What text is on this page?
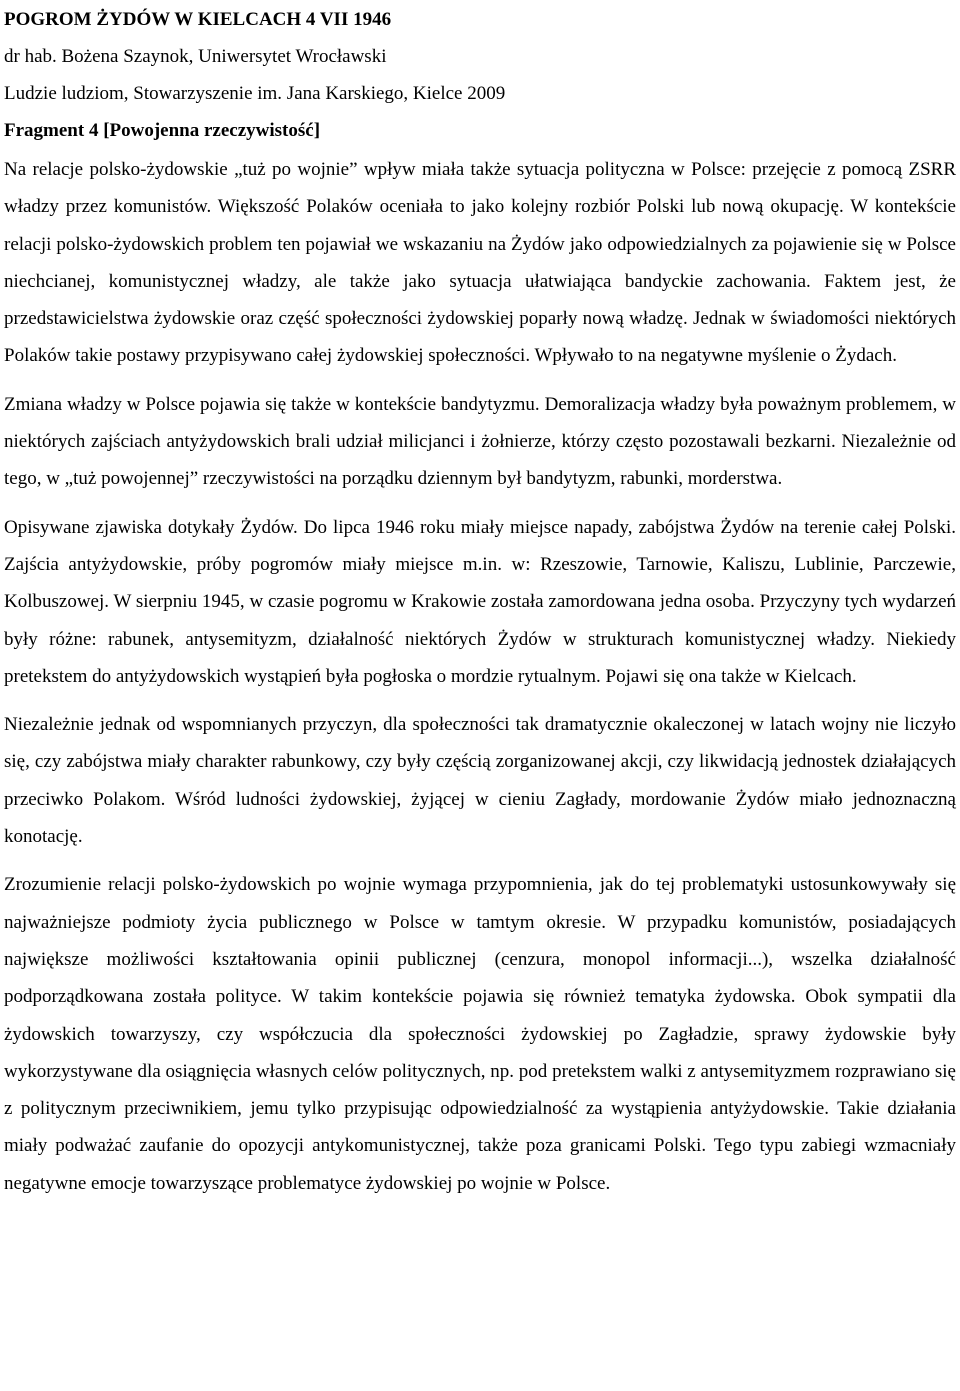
POGROM ŻYDÓW W KIELCACH 4 VII 1946

dr hab. Bożena Szaynok, Uniwersytet Wrocławski

Ludzie ludziom, Stowarzyszenie im. Jana Karskiego, Kielce 2009

Fragment 4 [Powojenna rzeczywistość]

Na relacje polsko-żydowskie „tuż po wojnie” wpływ miała także sytuacja polityczna w Polsce: przejęcie z pomocą ZSRR władzy przez komunistów. Większość Polaków oceniała to jako kolejny rozbiór Polski lub nową okupację. W kontekście relacji polsko-żydowskich problem ten pojawiał we wskazaniu na Żydów jako odpowiedzialnych za pojawienie się w Polsce niechcianej, komunistycznej władzy, ale także jako sytuacja ułatwiająca bandyckie zachowania. Faktem jest, że przedstawicielstwa żydowskie oraz część społeczności żydowskiej poparły nową władzę. Jednak w świadomości niektórych Polaków takie postawy przypisywano całej żydowskiej społeczności. Wpływało to na negatywne myślenie o Żydach.

Zmiana władzy w Polsce pojawia się także w kontekście bandytyzmu. Demoralizacja władzy była poważnym problemem, w niektórych zajściach antyżydowskich brali udział milicjanci i żołnierze, którzy często pozostawali bezkarni. Niezależnie od tego, w „tuż powojennej” rzeczywistości na porządku dziennym był bandytyzm, rabunki, morderstwa.

Opisywane zjawiska dotykały Żydów. Do lipca 1946 roku miały miejsce napady, zabójstwa Żydów na terenie całej Polski. Zajścia antyżydowskie, próby pogromów miały miejsce m.in. w: Rzeszowie, Tarnowie, Kaliszu, Lublinie, Parczewie, Kolbuszowej. W sierpniu 1945, w czasie pogromu w Krakowie została zamordowana jedna osoba. Przyczyny tych wydarzeń były różne: rabunek, antysemityzm, działalność niektórych Żydów w strukturach komunistycznej władzy. Niekiedy pretekstem do antyżydowskich wystąpień była pogłoska o mordzie rytualnym. Pojawi się ona także w Kielcach.

Niezależnie jednak od wspomnianych przyczyn, dla społeczności tak dramatycznie okaleczonej w latach wojny nie liczyło się, czy zabójstwa miały charakter rabunkowy, czy były częścią zorganizowanej akcji, czy likwidacją jednostek działających przeciwko Polakom. Wśród ludności żydowskiej, żyjącej w cieniu Zagłady, mordowanie Żydów miało jednoznaczną konotację.

Zrozumienie relacji polsko-żydowskich po wojnie wymaga przypomnienia, jak do tej problematyki ustosunkowywały się najważniejsze podmioty życia publicznego w Polsce w tamtym okresie. W przypadku komunistów, posiadających największe możliwości kształtowania opinii publicznej (cenzura, monopol informacji...), wszelka działalność podporządkowana została polityce. W takim kontekście pojawia się również tematyka żydowska. Obok sympatii dla żydowskich towarzyszy, czy współczucia dla społeczności żydowskiej po Zagładzie, sprawy żydowskie były wykorzystywane dla osiągnięcia własnych celów politycznych, np. pod pretekstem walki z antysemityzmem rozprawiano się z politycznym przeciwnikiem, jemu tylko przypisując odpowiedzialność za wystąpienia antyżydowskie. Takie działania miały podważać zaufanie do opozycji antykomunistycznej, także poza granicami Polski. Tego typu zabiegi wzmacniały negatywne emocje towarzyszące problematyce żydowskiej po wojnie w Polsce.
